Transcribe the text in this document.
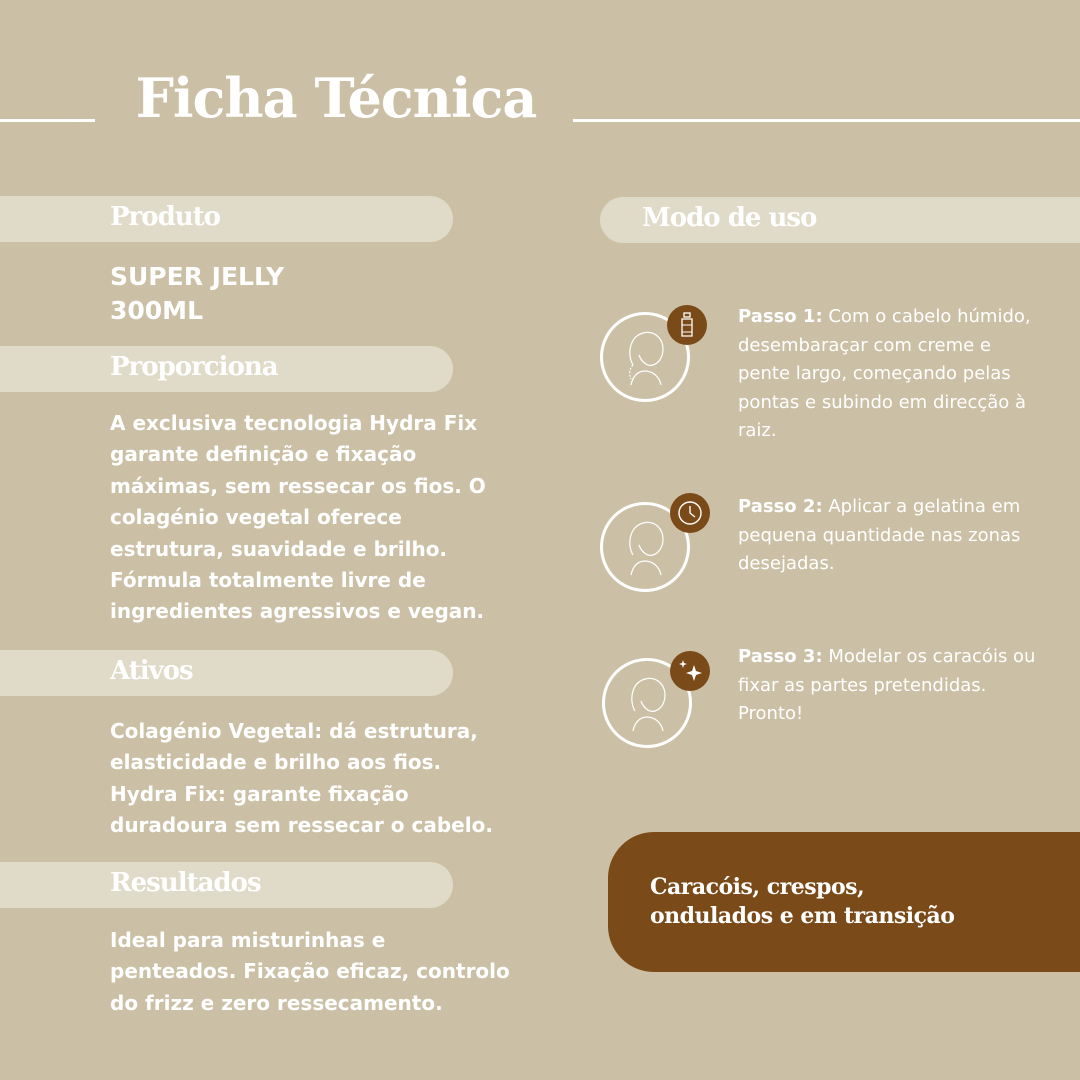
Ficha Técnica
Produto
SUPER JELLY
300ML
Proporciona
A exclusiva tecnologia Hydra Fix
garante definição e fixação
máximas, sem ressecar os fios. O
colagénio vegetal oferece
estrutura, suavidade e brilho.
Fórmula totalmente livre de
ingredientes agressivos e vegan.
Ativos
Colagénio Vegetal: dá estrutura,
elasticidade e brilho aos fios.
Hydra Fix: garante fixação
duradoura sem ressecar o cabelo.
Resultados
Ideal para misturinhas e
penteados. Fixação eficaz, controlo
do frizz e zero ressecamento.
Modo de uso
Passo 1: Com o cabelo húmido, desembaraçar com creme e pente largo, começando pelas pontas e subindo em direcção à raiz.
Passo 2: Aplicar a gelatina em pequena quantidade nas zonas desejadas.
Passo 3: Modelar os caracóis ou fixar as partes pretendidas. Pronto!
Caracóis, crespos,
ondulados e em transição
